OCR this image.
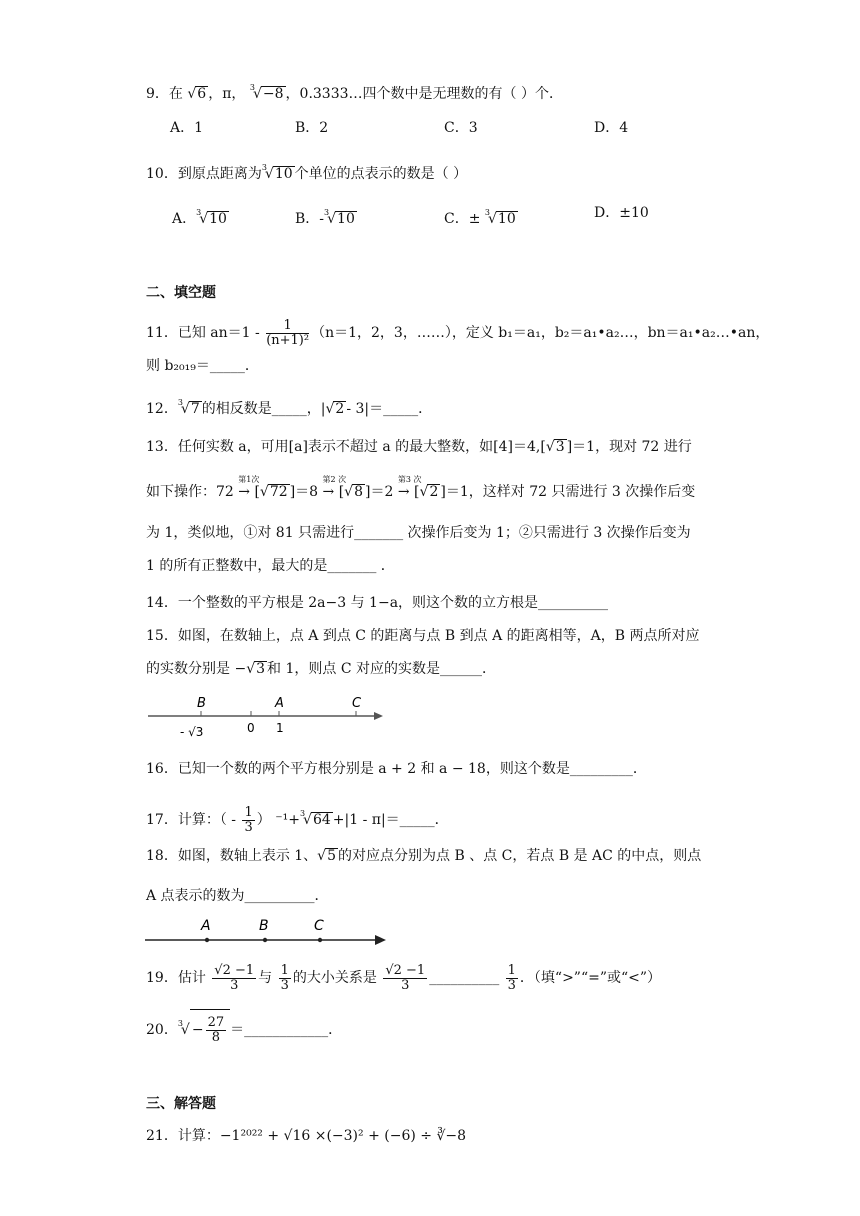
9．在 √6 ，π， $^3$√−8 ，0.3333…四个数中是无理数的有（ ）个．
A．1	B．2	C．3	D．4
10．到原点距离为$^3$√10 个单位的点表示的数是（ ）
A．$^3$√10	B．-$^3$√10	C．± $^3$√10	D．±10
二、填空题
11．已知 $an=1 - \frac{1}{\text{(n+1)²}} (n=1$，2，3，……），定义 b₁＝a₁，b₂＝a₁•a₂…，bn＝a₁•a₂…•an，
则 b₂₀₁₉＝_____．
12．$^3$√7 的相反数是_____，|√2 - 3|＝_____．
13．任何实数 a，可用[a]表示不超过 a 的最大整数，如[4]＝4,[√3 ]＝1，现对 72 进行
如下操作：72
第1次
→ [√72 ]＝8
第2 次
→ [√8 ]＝2
第3 次
→ [√2 ]＝1，这样对 72 只需进行 3 次操作后变
为 1，类似地，①对 81 只需进行_______ 次操作后变为 1；②只需进行 3 次操作后变为
1 的所有正整数中，最大的是_______ ．
14．一个整数的平方根是 2a−3 与 1−a，则这个数的立方根是__________
15．如图，在数轴上，点 A 到点 C 的距离与点 B 到点 A 的距离相等，A，B 两点所对应
的实数分别是 −√3 和 1，则点 C 对应的实数是______．
B	A	C
- √3	0 1
16．已知一个数的两个平方根分别是 a + 2 和 a − 18，则这个数是_________．
17．计算：（ - $\frac{1}{3}$ ） ⁻¹+$^3$√64 +|1 - π|＝_____．
18．如图，数轴上表示 1、√5 的对应点分别为点 B 、点 C，若点 B 是 AC 的中点，则点
A 点表示的数为__________．
A	B	C
19．估计 $\frac{√2 -1}{3}$ 与 $\frac{1}{3}$ 的大小关系是 $\frac{√2 -1}{3}$ __________ $\frac{1}{3}$ ．（填“>”“=”或“<”）
20．$^3√ - \frac{27}{8}$ ＝____________．
三、解答题
21．计算：−1²⁰²² + √16 ×(−3)² + (−6) ÷ ∛−8
